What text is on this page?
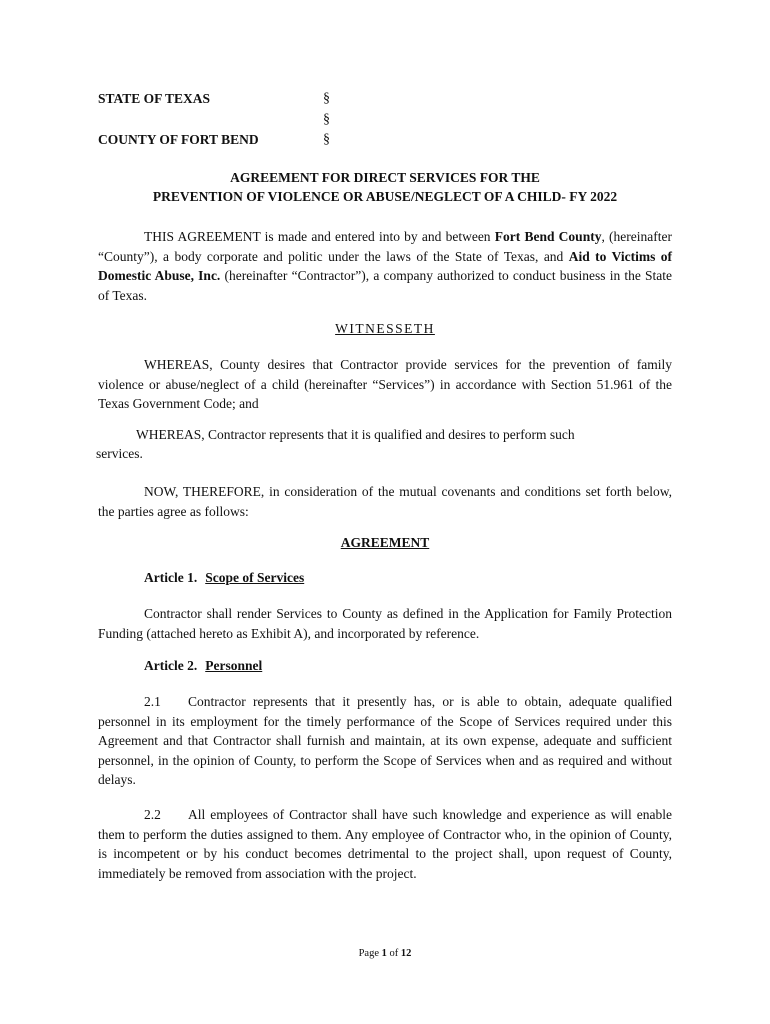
STATE OF TEXAS	§
§
COUNTY OF FORT BEND	§
AGREEMENT FOR DIRECT SERVICES FOR THE
PREVENTION OF VIOLENCE OR ABUSE/NEGLECT OF A CHILD- FY 2022
THIS AGREEMENT is made and entered into by and between Fort Bend County, (hereinafter “County”), a body corporate and politic under the laws of the State of Texas, and Aid to Victims of Domestic Abuse, Inc. (hereinafter “Contractor”), a company authorized to conduct business in the State of Texas.
WITNESSETH
WHEREAS, County desires that Contractor provide services for the prevention of family violence or abuse/neglect of a child (hereinafter “Services”) in accordance with Section 51.961 of the Texas Government Code; and
WHEREAS, Contractor represents that it is qualified and desires to perform such
services.
NOW, THEREFORE, in consideration of the mutual covenants and conditions set forth below, the parties agree as follows:
AGREEMENT
Article 1. Scope of Services
Contractor shall render Services to County as defined in the Application for Family Protection Funding (attached hereto as Exhibit A), and incorporated by reference.
Article 2. Personnel
2.1 Contractor represents that it presently has, or is able to obtain, adequate qualified personnel in its employment for the timely performance of the Scope of Services required under this Agreement and that Contractor shall furnish and maintain, at its own expense, adequate and sufficient personnel, in the opinion of County, to perform the Scope of Services when and as required and without delays.
2.2 All employees of Contractor shall have such knowledge and experience as will enable them to perform the duties assigned to them. Any employee of Contractor who, in the opinion of County, is incompetent or by his conduct becomes detrimental to the project shall, upon request of County, immediately be removed from association with the project.
Page 1 of 12
